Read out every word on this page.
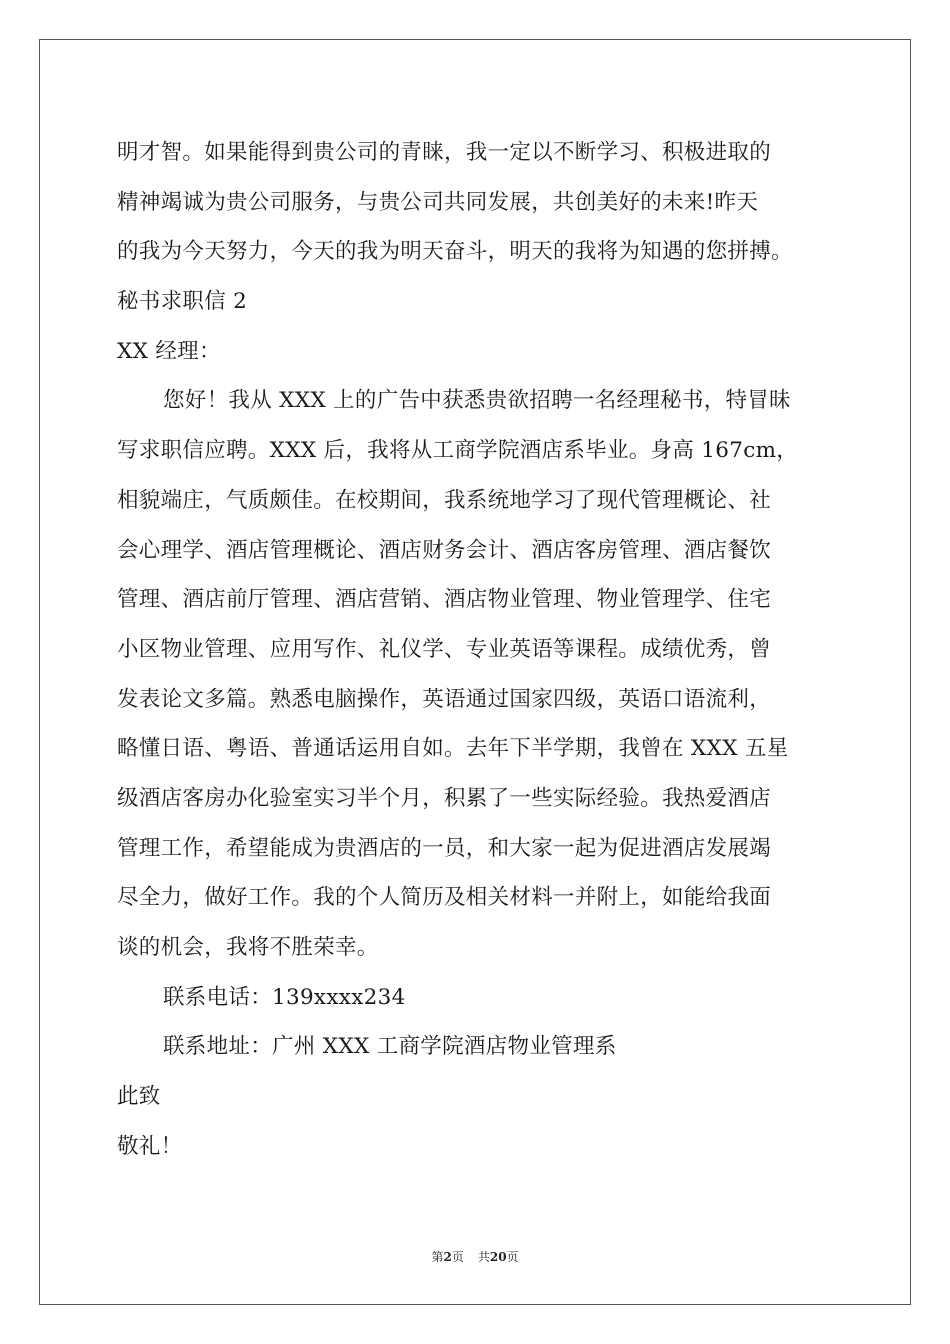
明才智。如果能得到贵公司的青睐，我一定以不断学习、积极进取的
精神竭诚为贵公司服务，与贵公司共同发展，共创美好的未来!昨天
的我为今天努力，今天的我为明天奋斗，明天的我将为知遇的您拼搏。
秘书求职信 2
XX 经理：
您好！我从 XXX 上的广告中获悉贵欲招聘一名经理秘书，特冒昧
写求职信应聘。XXX 后，我将从工商学院酒店系毕业。身高 167cm，
相貌端庄，气质颇佳。在校期间，我系统地学习了现代管理概论、社
会心理学、酒店管理概论、酒店财务会计、酒店客房管理、酒店餐饮
管理、酒店前厅管理、酒店营销、酒店物业管理、物业管理学、住宅
小区物业管理、应用写作、礼仪学、专业英语等课程。成绩优秀，曾
发表论文多篇。熟悉电脑操作，英语通过国家四级，英语口语流利，
略懂日语、粤语、普通话运用自如。去年下半学期，我曾在 XXX 五星
级酒店客房办化验室实习半个月，积累了一些实际经验。我热爱酒店
管理工作，希望能成为贵酒店的一员，和大家一起为促进酒店发展竭
尽全力，做好工作。我的个人简历及相关材料一并附上，如能给我面
谈的机会，我将不胜荣幸。
联系电话：139xxxx234
联系地址：广州 XXX 工商学院酒店物业管理系
此致
敬礼！
第2页 共20页
